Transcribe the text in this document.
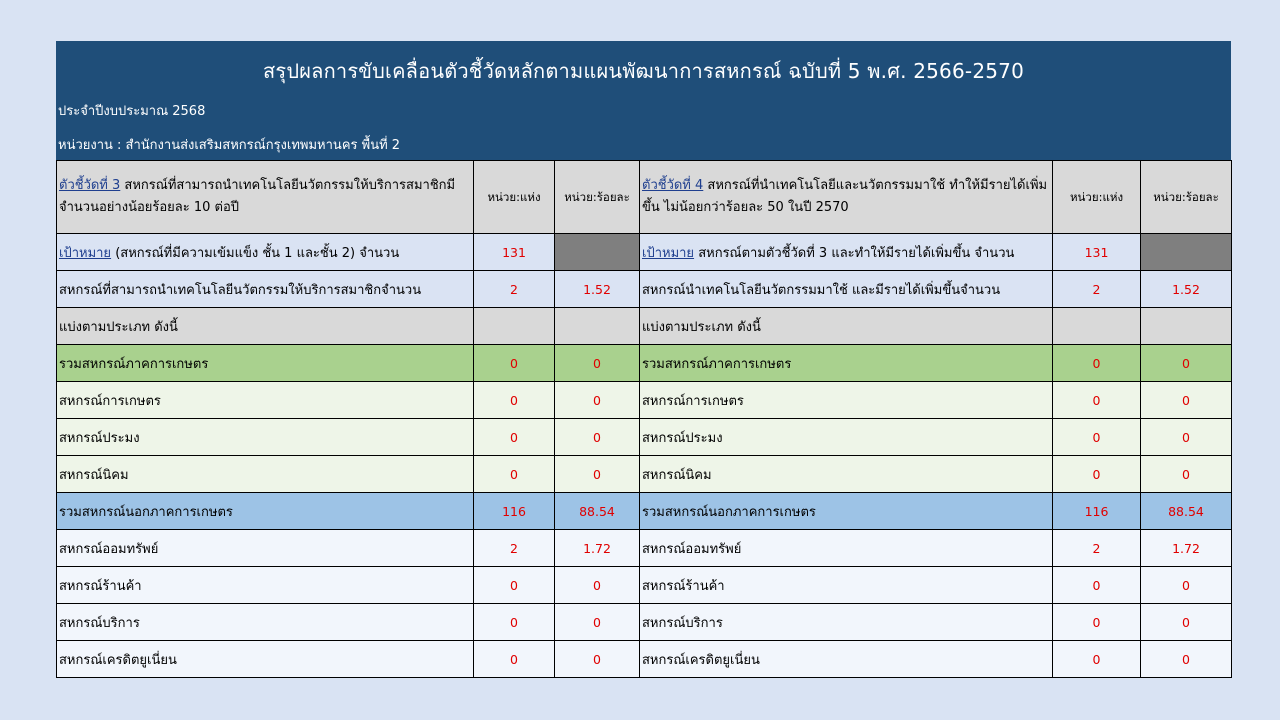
สรุปผลการขับเคลื่อนตัวชี้วัดหลักตามแผนพัฒนาการสหกรณ์ ฉบับที่ 5 พ.ศ. 2566-2570
ประจำปีงบประมาณ 2568
หน่วยงาน : สำนักงานส่งเสริมสหกรณ์กรุงเทพมหานคร พื้นที่ 2
ตัวชี้วัดที่ 3 สหกรณ์ที่สามารถนำเทคโนโลยีนวัตกรรมให้บริการสมาชิกมีจำนวนอย่างน้อยร้อยละ 10 ต่อปี	หน่วย:แห่ง	หน่วย:ร้อยละ	ตัวชี้วัดที่ 4 สหกรณ์ที่นำเทคโนโลยีและนวัตกรรมมาใช้ ทำให้มีรายได้เพิ่มขึ้น ไม่น้อยกว่าร้อยละ 50 ในปี 2570	หน่วย:แห่ง	หน่วย:ร้อยละ
เป้าหมาย (สหกรณ์ที่มีความเข้มแข็ง ชั้น 1 และชั้น 2) จำนวน	131		เป้าหมาย สหกรณ์ตามตัวชี้วัดที่ 3 และทำให้มีรายได้เพิ่มขึ้น จำนวน	131	
สหกรณ์ที่สามารถนำเทคโนโลยีนวัตกรรมให้บริการสมาชิกจำนวน	2	1.52	สหกรณ์นำเทคโนโลยีนวัตกรรมมาใช้ และมีรายได้เพิ่มขึ้นจำนวน	2	1.52
แบ่งตามประเภท ดังนี้			แบ่งตามประเภท ดังนี้		
รวมสหกรณ์ภาคการเกษตร	0	0	รวมสหกรณ์ภาคการเกษตร	0	0
สหกรณ์การเกษตร	0	0	สหกรณ์การเกษตร	0	0
สหกรณ์ประมง	0	0	สหกรณ์ประมง	0	0
สหกรณ์นิคม	0	0	สหกรณ์นิคม	0	0
รวมสหกรณ์นอกภาคการเกษตร	116	88.54	รวมสหกรณ์นอกภาคการเกษตร	116	88.54
สหกรณ์ออมทรัพย์	2	1.72	สหกรณ์ออมทรัพย์	2	1.72
สหกรณ์ร้านค้า	0	0	สหกรณ์ร้านค้า	0	0
สหกรณ์บริการ	0	0	สหกรณ์บริการ	0	0
สหกรณ์เครดิตยูเนี่ยน	0	0	สหกรณ์เครดิตยูเนี่ยน	0	0
